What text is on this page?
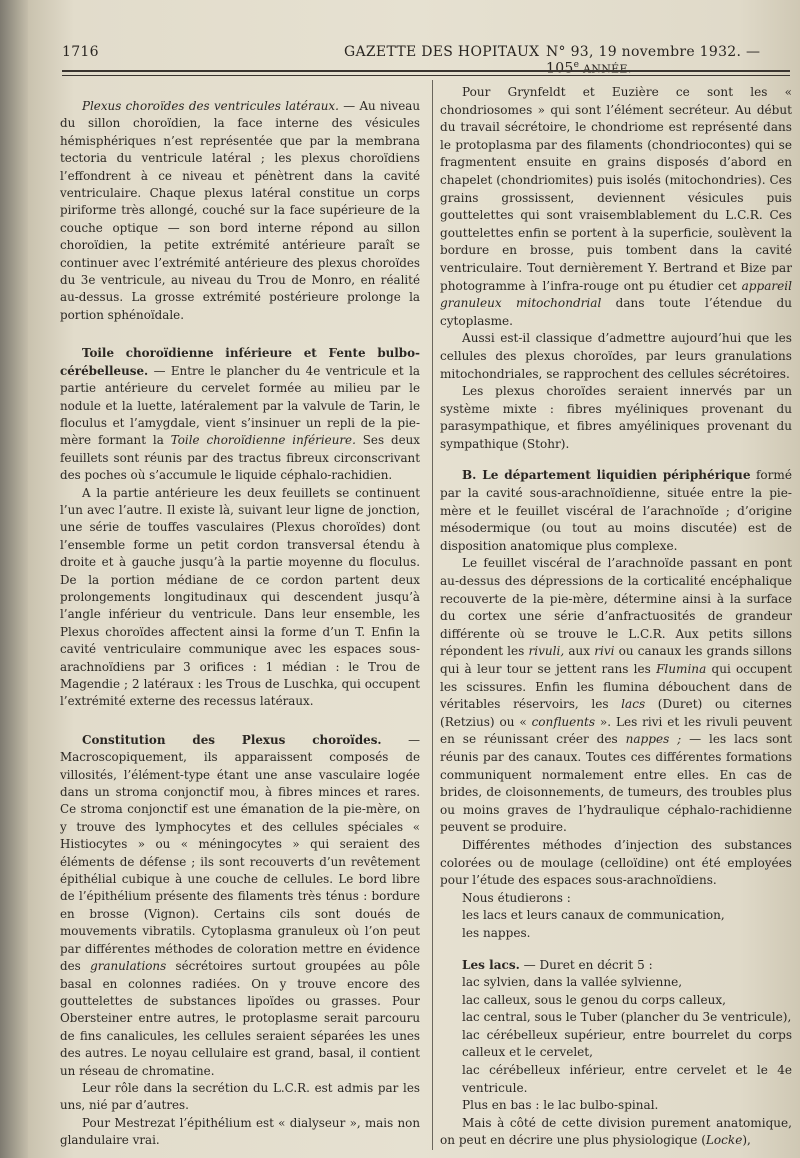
1716	GAZETTE DES HOPITAUX N° 93, 19 novembre 1932. — 105e ANNÉE.

Plexus choroïdes des ventricules latéraux. — Au niveau du sillon choroïdien, la face interne des vésicules hémisphériques n’est représentée que par la membrana tectoria du ventricule latéral ; les plexus choroïdiens l’effondrent à ce niveau et pénètrent dans la cavité ventriculaire. Chaque plexus latéral constitue un corps piriforme très allongé, couché sur la face supérieure de la couche optique — son bord interne répond au sillon choroïdien, la petite extrémité antérieure paraît se continuer avec l’extrémité antérieure des plexus choroïdes du 3e ventricule, au niveau du Trou de Monro, en réalité au-dessus. La grosse extrémité postérieure prolonge la portion sphénoïdale.

Toile choroïdienne inférieure et Fente bulbo-cérébelleuse. — Entre le plancher du 4e ventricule et la partie antérieure du cervelet formée au milieu par le nodule et la luette, latéralement par la valvule de Tarin, le floculus et l’amygdale, vient s’insinuer un repli de la pie-mère formant la Toile choroïdienne inférieure. Ses deux feuillets sont réunis par des tractus fibreux circonscrivant des poches où s’accumule le liquide céphalo-rachidien.

A la partie antérieure les deux feuillets se continuent l’un avec l’autre. Il existe là, suivant leur ligne de jonction, une série de touffes vasculaires (Plexus choroïdes) dont l’ensemble forme un petit cordon transversal étendu à droite et à gauche jusqu’à la partie moyenne du floculus. De la portion médiane de ce cordon partent deux prolongements longitudinaux qui descendent jusqu’à l’angle inférieur du ventricule. Dans leur ensemble, les Plexus choroïdes affectent ainsi la forme d’un T. Enfin la cavité ventriculaire communique avec les espaces sous-arachnoïdiens par 3 orifices : 1 médian : le Trou de Magendie ; 2 latéraux : les Trous de Luschka, qui occupent l’extrémité externe des recessus latéraux.

Constitution des Plexus choroïdes. — Macroscopiquement, ils apparaissent composés de villosités, l’élément-type étant une anse vasculaire logée dans un stroma conjonctif mou, à fibres minces et rares. Ce stroma conjonctif est une émanation de la pie-mère, on y trouve des lymphocytes et des cellules spéciales « Histiocytes » ou « méningocytes » qui seraient des éléments de défense ; ils sont recouverts d’un revêtement épithélial cubique à une couche de cellules. Le bord libre de l’épithélium présente des filaments très ténus : bordure en brosse (Vignon). Certains cils sont doués de mouvements vibratils. Cytoplasma granuleux où l’on peut par différentes méthodes de coloration mettre en évidence des granulations sécrétoires surtout groupées au pôle basal en colonnes radiées. On y trouve encore des gouttelettes de substances lipoïdes ou grasses. Pour Obersteiner entre autres, le protoplasme serait parcouru de fins canalicules, les cellules seraient séparées les unes des autres. Le noyau cellulaire est grand, basal, il contient un réseau de chromatine.

Leur rôle dans la secrétion du L.C.R. est admis par les uns, nié par d’autres.

Pour Mestrezat l’épithélium est « dialyseur », mais non glandulaire vrai.

Pour Grynfeldt et Euzière ce sont les « chondriosomes » qui sont l’élément secréteur. Au début du travail sécrétoire, le chondriome est représenté dans le protoplasma par des filaments (chondriocontes) qui se fragmentent ensuite en grains disposés d’abord en chapelet (chondriomites) puis isolés (mitochondries). Ces grains grossissent, deviennent vésicules puis gouttelettes qui sont vraisemblablement du L.C.R. Ces gouttelettes enfin se portent à la superficie, soulèvent la bordure en brosse, puis tombent dans la cavité ventriculaire. Tout dernièrement Y. Bertrand et Bize par photogramme à l’infra-rouge ont pu étudier cet appareil granuleux mitochondrial dans toute l’étendue du cytoplasme.

Aussi est-il classique d’admettre aujourd’hui que les cellules des plexus choroïdes, par leurs granulations mitochondriales, se rapprochent des cellules sécrétoires.

Les plexus choroïdes seraient innervés par un système mixte : fibres myéliniques provenant du parasympathique, et fibres amyéliniques provenant du sympathique (Stohr).

B. Le département liquidien périphérique formé par la cavité sous-arachnoïdienne, située entre la pie-mère et le feuillet viscéral de l’arachnoïde ; d’origine mésodermique (ou tout au moins discutée) est de disposition anatomique plus complexe.

Le feuillet viscéral de l’arachnoïde passant en pont au-dessus des dépressions de la corticalité encéphalique recouverte de la pie-mère, détermine ainsi à la surface du cortex une série d’anfractuosités de grandeur différente où se trouve le L.C.R. Aux petits sillons répondent les rivuli, aux rivi ou canaux les grands sillons qui à leur tour se jettent rans les Flumina qui occupent les scissures. Enfin les flumina débouchent dans de véritables réservoirs, les lacs (Duret) ou citernes (Retzius) ou « confluents ». Les rivi et les rivuli peuvent en se réunissant créer des nappes ; — les lacs sont réunis par des canaux. Toutes ces différentes formations communiquent normalement entre elles. En cas de brides, de cloisonnements, de tumeurs, des troubles plus ou moins graves de l’hydraulique céphalo-rachidienne peuvent se produire.

Différentes méthodes d’injection des substances colorées ou de moulage (celloïdine) ont été employées pour l’étude des espaces sous-arachnoïdiens.

Nous étudierons :

les lacs et leurs canaux de communication,

les nappes.

Les lacs. — Duret en décrit 5 :

lac sylvien, dans la vallée sylvienne,

lac calleux, sous le genou du corps calleux,

lac central, sous le Tuber (plancher du 3e ventricule),

lac cérébelleux supérieur, entre bourrelet du corps calleux et le cervelet,

lac cérébelleux inférieur, entre cervelet et le 4e ventricule.

Plus en bas : le lac bulbo-spinal.

Mais à côté de cette division purement anatomique, on peut en décrire une plus physiologique (Locke),
